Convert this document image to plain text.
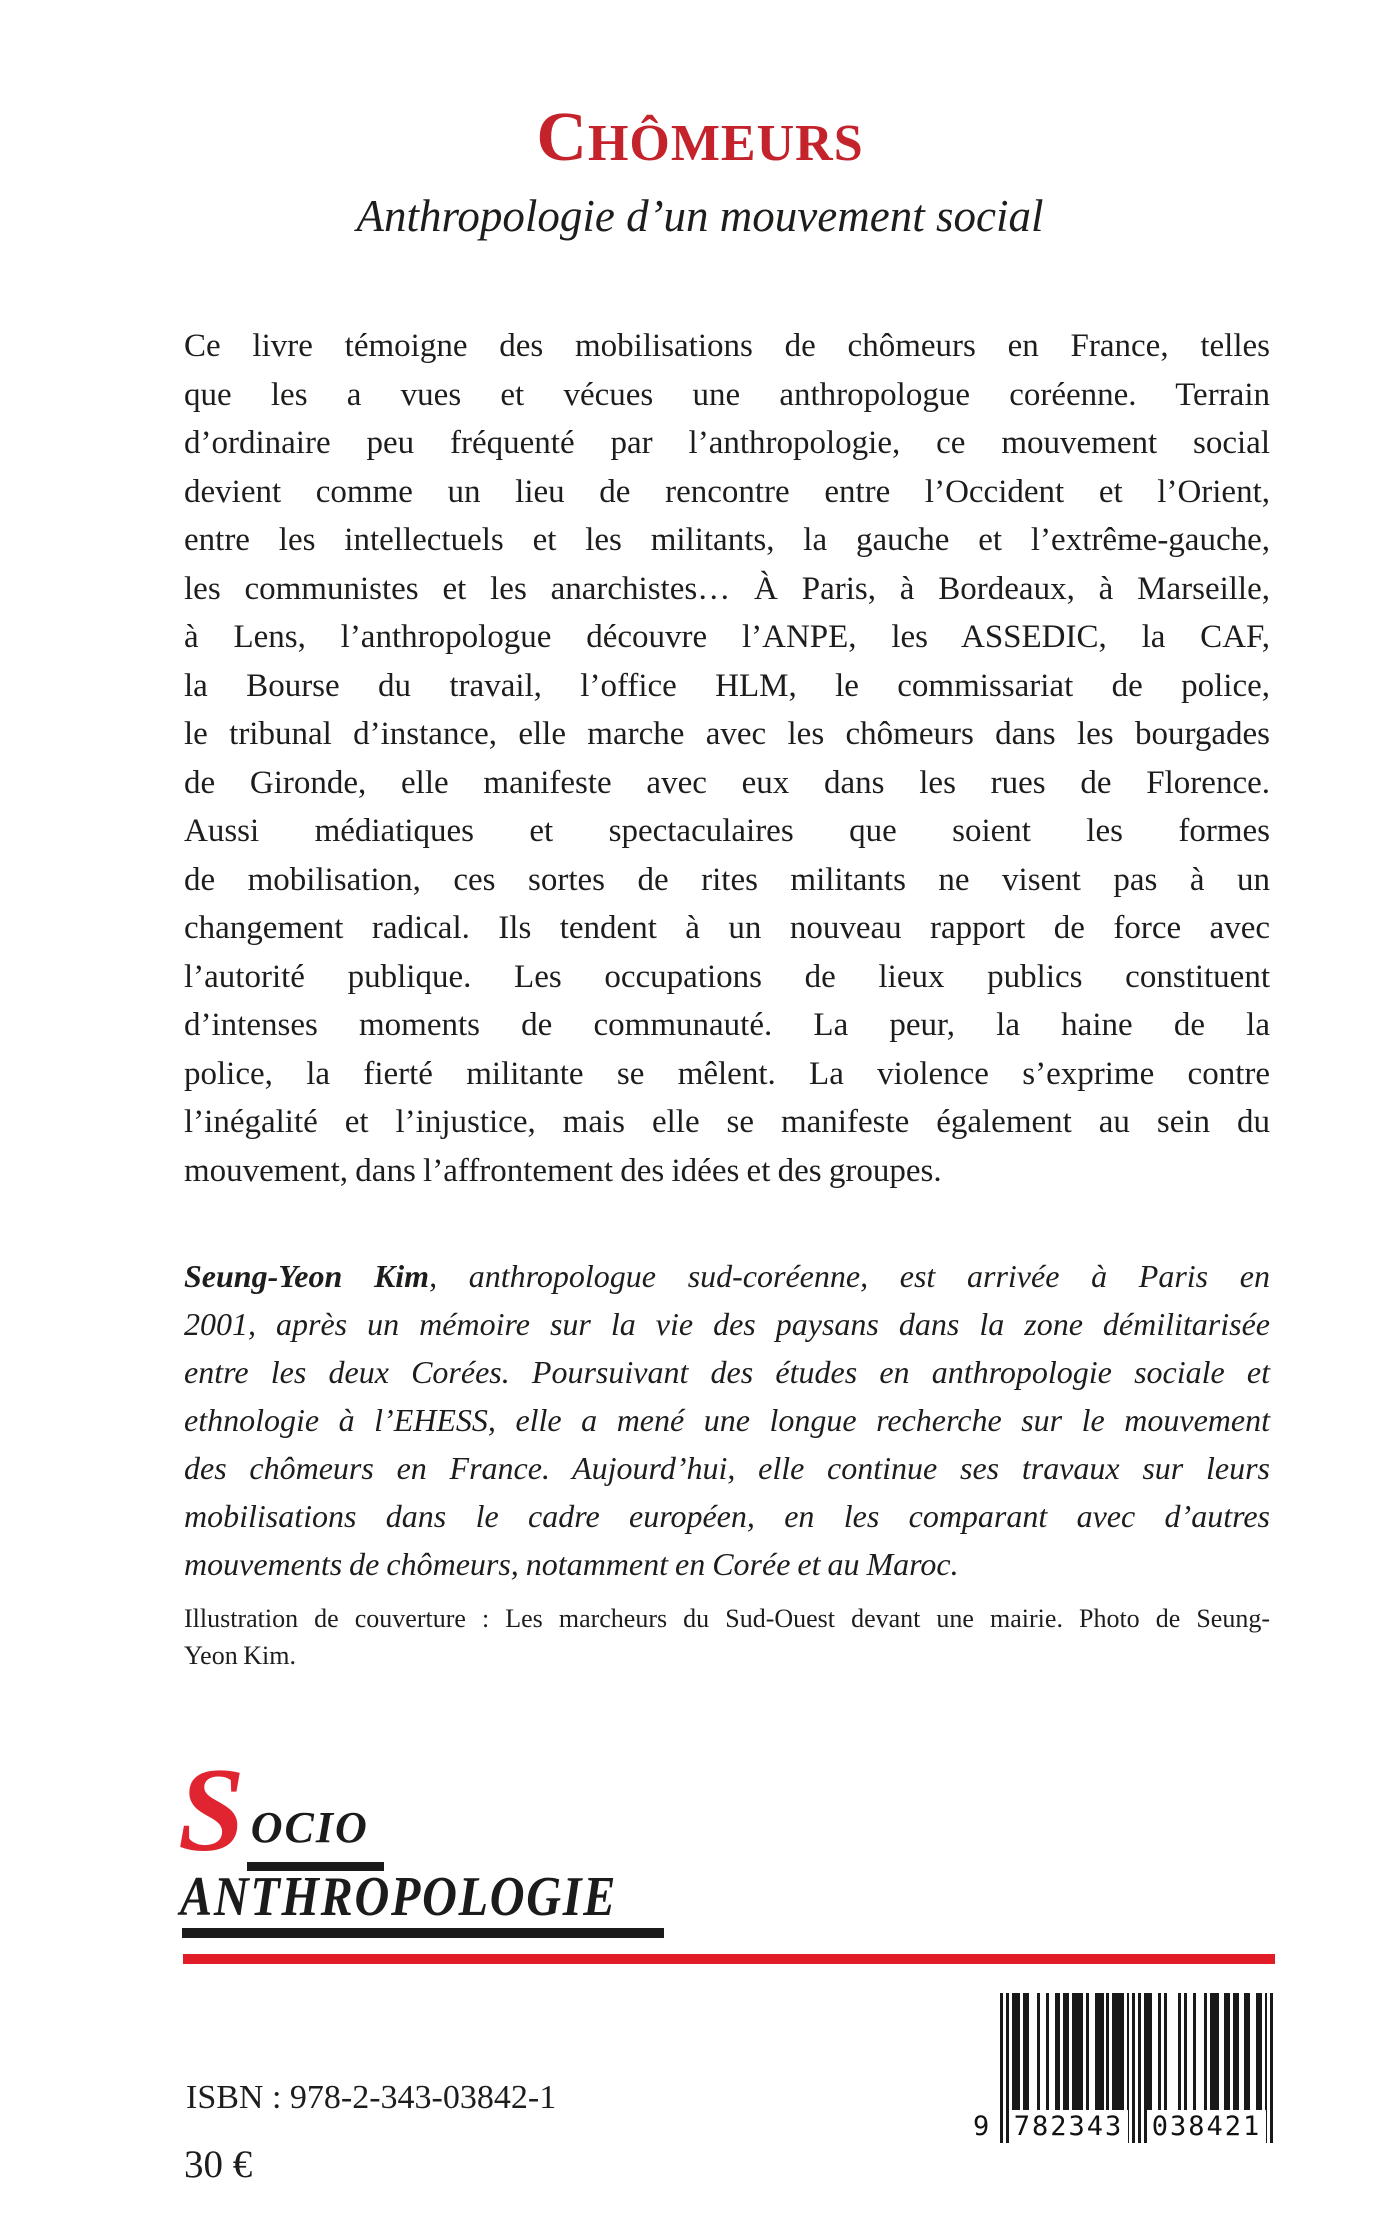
CHÔMEURS
Anthropologie d’un mouvement social
Ce livre témoigne des mobilisations de chômeurs en France, telles
que les a vues et vécues une anthropologue coréenne. Terrain
d’ordinaire peu fréquenté par l’anthropologie, ce mouvement social
devient comme un lieu de rencontre entre l’Occident et l’Orient,
entre les intellectuels et les militants, la gauche et l’extrême-gauche,
les communistes et les anarchistes… À Paris, à Bordeaux, à Marseille,
à Lens, l’anthropologue découvre l’ANPE, les ASSEDIC, la CAF,
la Bourse du travail, l’office HLM, le commissariat de police,
le tribunal d’instance, elle marche avec les chômeurs dans les bourgades
de Gironde, elle manifeste avec eux dans les rues de Florence.
Aussi médiatiques et spectaculaires que soient les formes
de mobilisation, ces sortes de rites militants ne visent pas à un
changement radical. Ils tendent à un nouveau rapport de force avec
l’autorité publique. Les occupations de lieux publics constituent
d’intenses moments de communauté. La peur, la haine de la
police, la fierté militante se mêlent. La violence s’exprime contre
l’inégalité et l’injustice, mais elle se manifeste également au sein du
mouvement, dans l’affrontement des idées et des groupes.
Seung-Yeon Kim, anthropologue sud-coréenne, est arrivée à Paris en
2001, après un mémoire sur la vie des paysans dans la zone démilitarisée
entre les deux Corées. Poursuivant des études en anthropologie sociale et
ethnologie à l’EHESS, elle a mené une longue recherche sur le mouvement
des chômeurs en France. Aujourd’hui, elle continue ses travaux sur leurs
mobilisations dans le cadre européen, en les comparant avec d’autres
mouvements de chômeurs, notamment en Corée et au Maroc.
Illustration de couverture : Les marcheurs du Sud-Ouest devant une mairie. Photo de Seung-
Yeon Kim.
S OCIO
ANTHROPOLOGIE
ISBN : 978-2-343-03842-1
30 €
9 782343 038421
